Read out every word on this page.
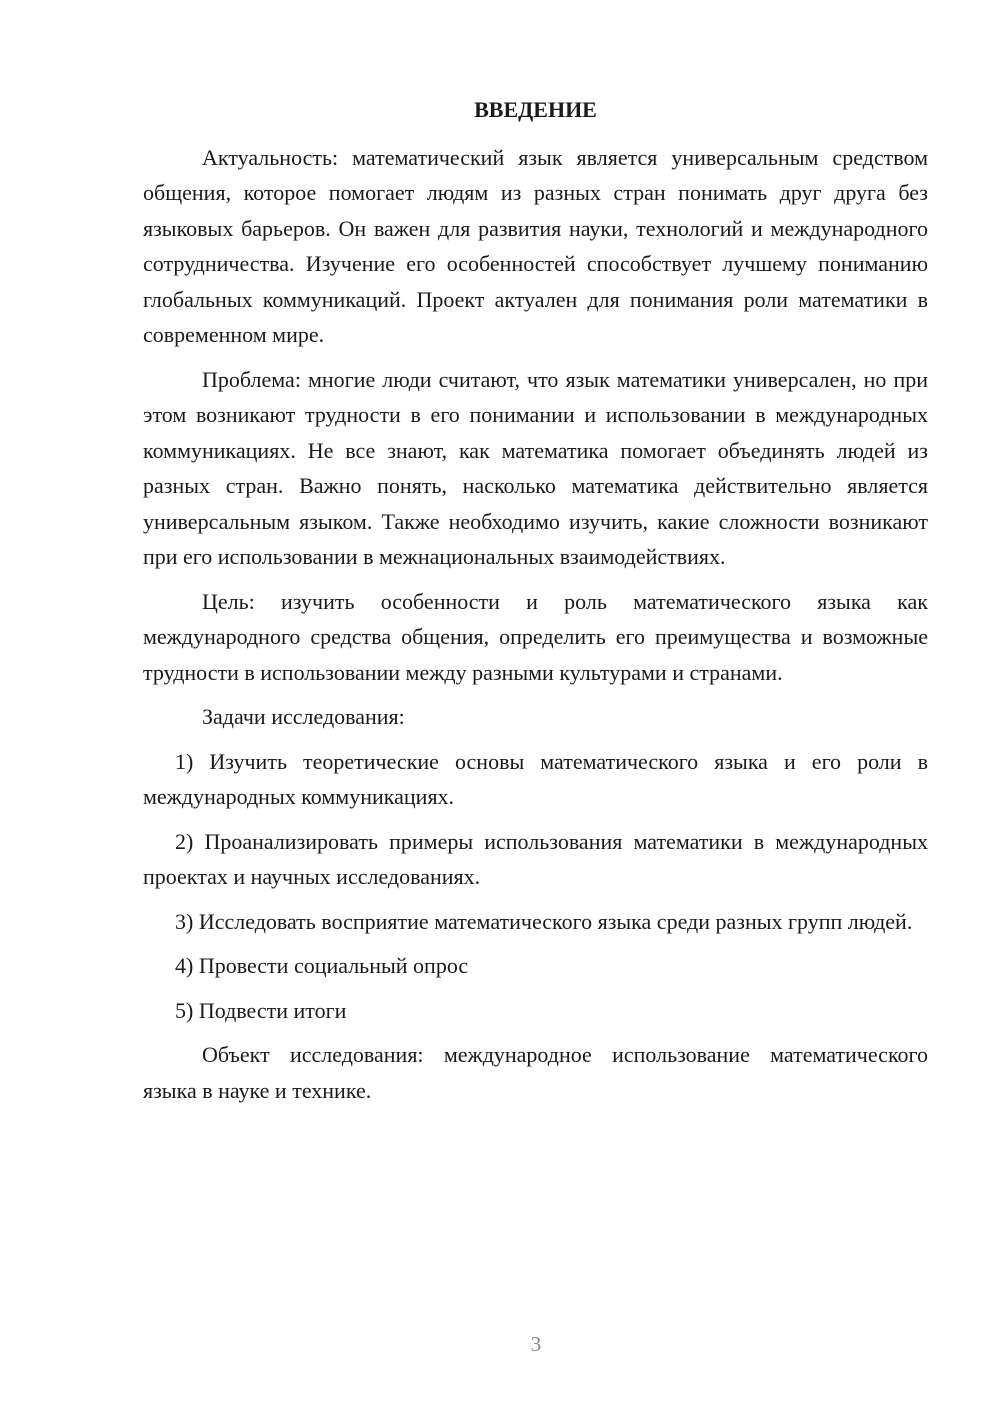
ВВЕДЕНИЕ

Актуальность: математический язык является универсальным средством общения, которое помогает людям из разных стран понимать друг друга без языковых барьеров. Он важен для развития науки, технологий и международного сотрудничества. Изучение его особенностей способствует лучшему пониманию глобальных коммуникаций. Проект актуален для понимания роли математики в современном мире.

Проблема: многие люди считают, что язык математики универсален, но при этом возникают трудности в его понимании и использовании в международных коммуникациях. Не все знают, как математика помогает объединять людей из разных стран. Важно понять, насколько математика действительно является универсальным языком. Также необходимо изучить, какие сложности возникают при его использовании в межнациональных взаимодействиях.

Цель: изучить особенности и роль математического языка как международного средства общения, определить его преимущества и возможные трудности в использовании между разными культурами и странами.

Задачи исследования:

1) Изучить теоретические основы математического языка и его роли в международных коммуникациях.

2) Проанализировать примеры использования математики в международных проектах и научных исследованиях.

3) Исследовать восприятие математического языка среди разных групп людей.

4) Провести социальный опрос

5) Подвести итоги

Объект исследования: международное использование математического языка в науке и технике.

3
